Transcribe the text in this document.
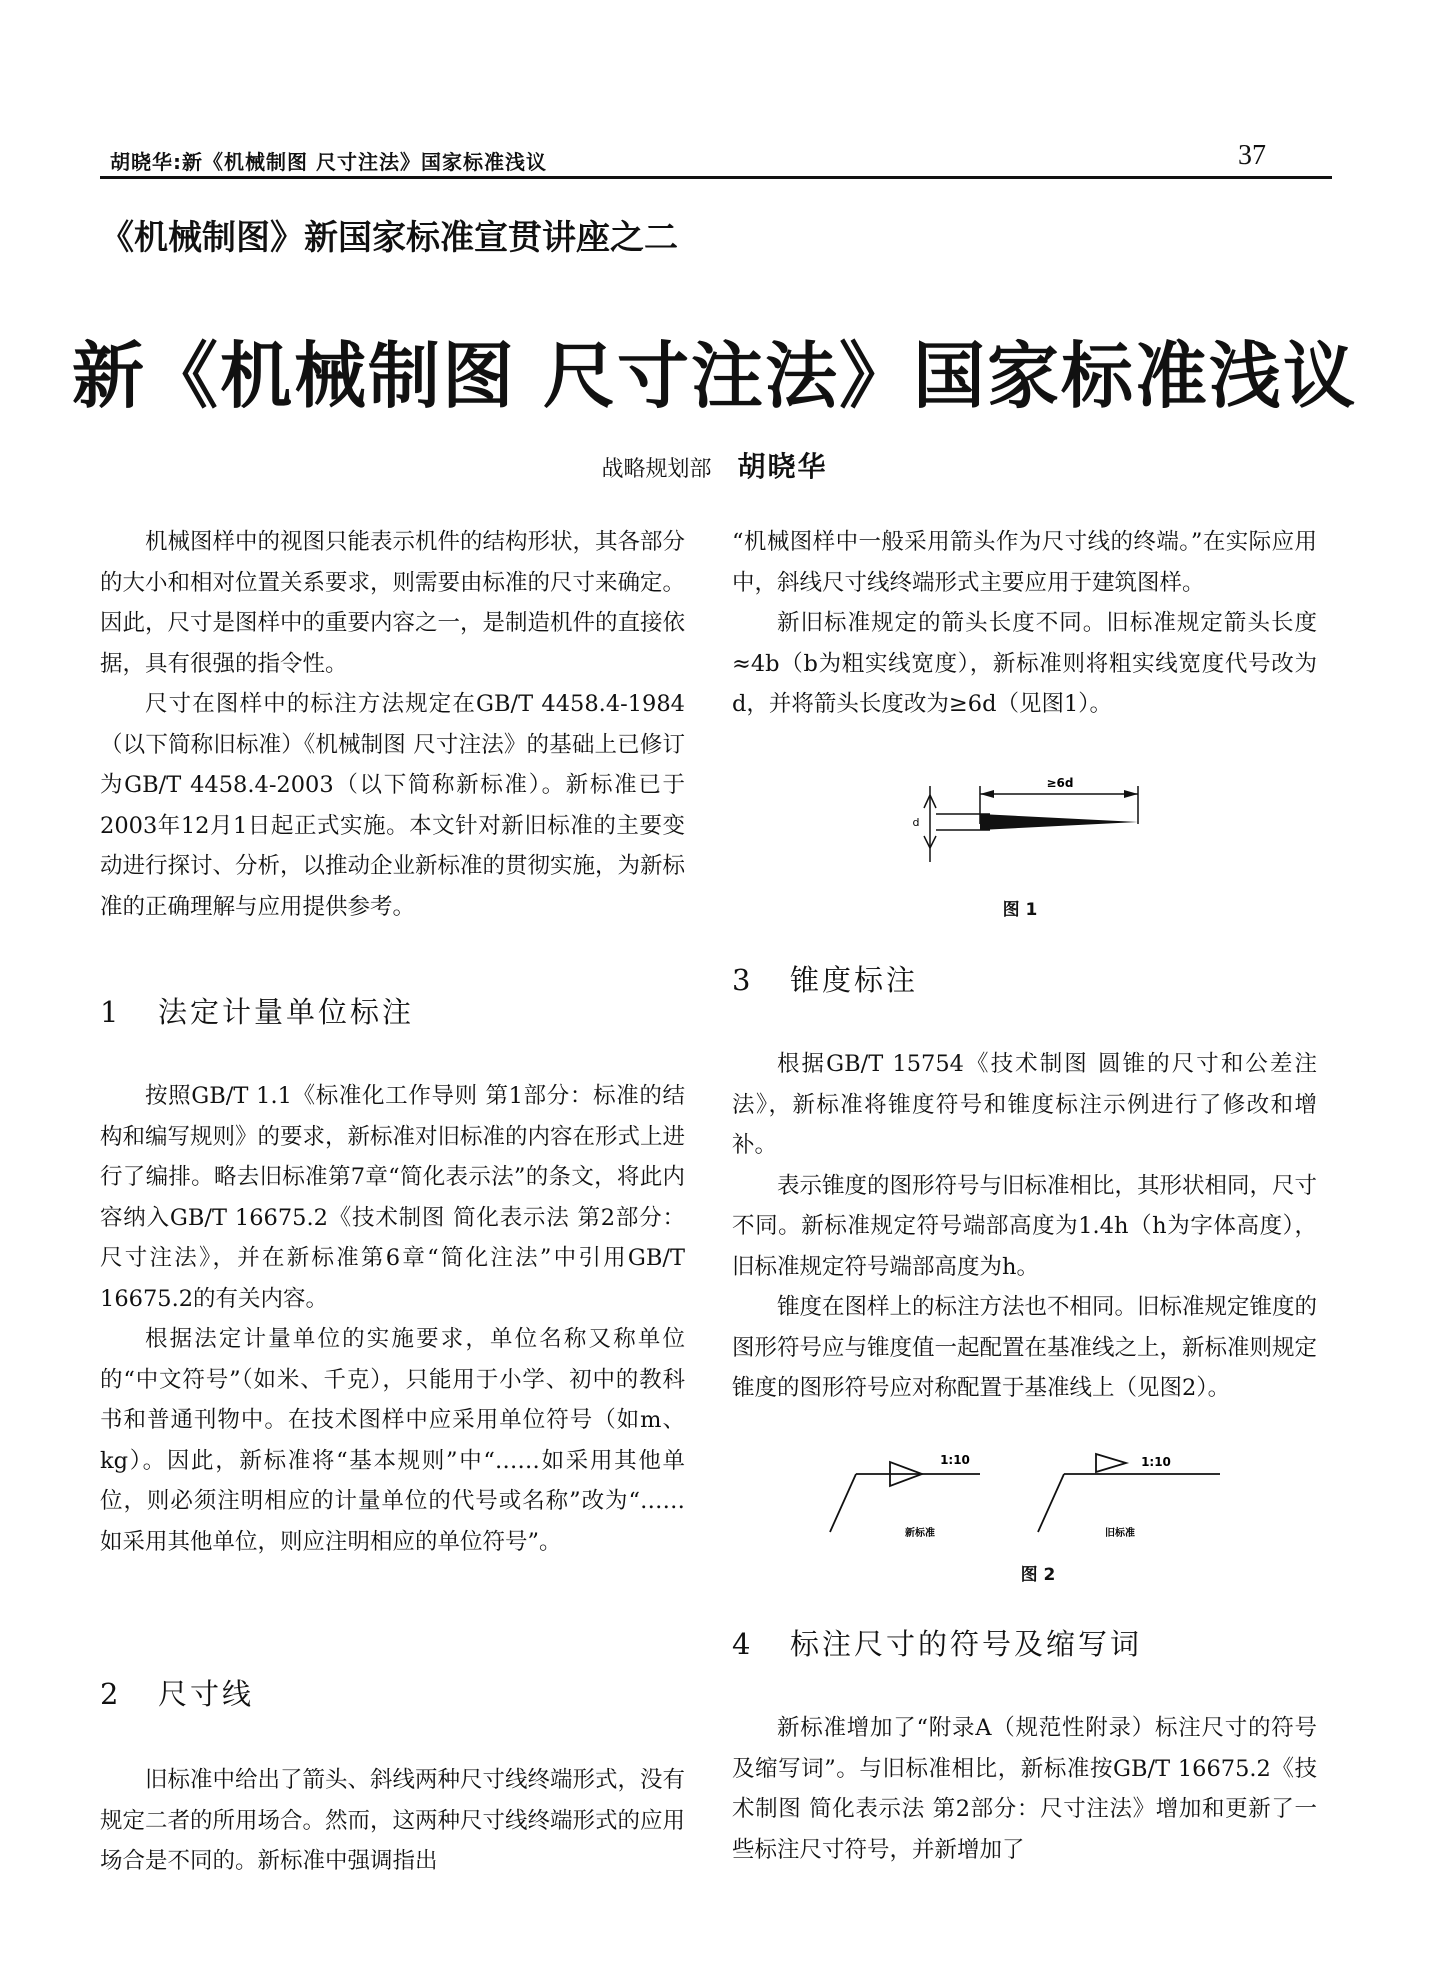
胡晓华:新《机械制图 尺寸注法》国家标准浅议	37
《机械制图》新国家标准宣贯讲座之二
新《机械制图 尺寸注法》国家标准浅议
战略规划部 胡晓华

机械图样中的视图只能表示机件的结构形状，其各部分的大小和相对位置关系要求，则需要由标准的尺寸来确定。因此，尺寸是图样中的重要内容之一，是制造机件的直接依据，具有很强的指令性。

尺寸在图样中的标注方法规定在GB/T 4458.4-1984（以下简称旧标准）《机械制图 尺寸注法》的基础上已修订为GB/T 4458.4-2003（以下简称新标准）。新标准已于2003年12月1日起正式实施。本文针对新旧标准的主要变动进行探讨、分析，以推动企业新标准的贯彻实施，为新标准的正确理解与应用提供参考。

1 法定计量单位标注

按照GB/T 1.1《标准化工作导则 第1部分：标准的结构和编写规则》的要求，新标准对旧标准的内容在形式上进行了编排。略去旧标准第7章“简化表示法”的条文，将此内容纳入GB/T 16675.2《技术制图 简化表示法 第2部分：尺寸注法》，并在新标准第6章“简化注法”中引用GB/T 16675.2的有关内容。

根据法定计量单位的实施要求，单位名称又称单位的“中文符号”（如米、千克），只能用于小学、初中的教科书和普通刊物中。在技术图样中应采用单位符号（如m、kg）。因此，新标准将“基本规则”中“……如采用其他单位，则必须注明相应的计量单位的代号或名称”改为“……如采用其他单位，则应注明相应的单位符号”。

2 尺寸线

旧标准中给出了箭头、斜线两种尺寸线终端形式，没有规定二者的所用场合。然而，这两种尺寸线终端形式的应用场合是不同的。新标准中强调指出

“机械图样中一般采用箭头作为尺寸线的终端。”在实际应用中，斜线尺寸线终端形式主要应用于建筑图样。

新旧标准规定的箭头长度不同。旧标准规定箭头长度≈4b（b为粗实线宽度），新标准则将粗实线宽度代号改为d，并将箭头长度改为≥6d（见图1）。

≥6d
d
图 1
3 锥度标注

根据GB/T 15754《技术制图 圆锥的尺寸和公差注法》，新标准将锥度符号和锥度标注示例进行了修改和增补。

表示锥度的图形符号与旧标准相比，其形状相同，尺寸不同。新标准规定符号端部高度为1.4h（h为字体高度），旧标准规定符号端部高度为h。

锥度在图样上的标注方法也不相同。旧标准规定锥度的图形符号应与锥度值一起配置在基准线之上，新标准则规定锥度的图形符号应对称配置于基准线上（见图2）。

1:10
新标准
1:10
旧标准
图 2
4 标注尺寸的符号及缩写词

新标准增加了“附录A（规范性附录）标注尺寸的符号及缩写词”。与旧标准相比，新标准按GB/T 16675.2《技术制图 简化表示法 第2部分：尺寸注法》增加和更新了一些标注尺寸符号，并新增加了
